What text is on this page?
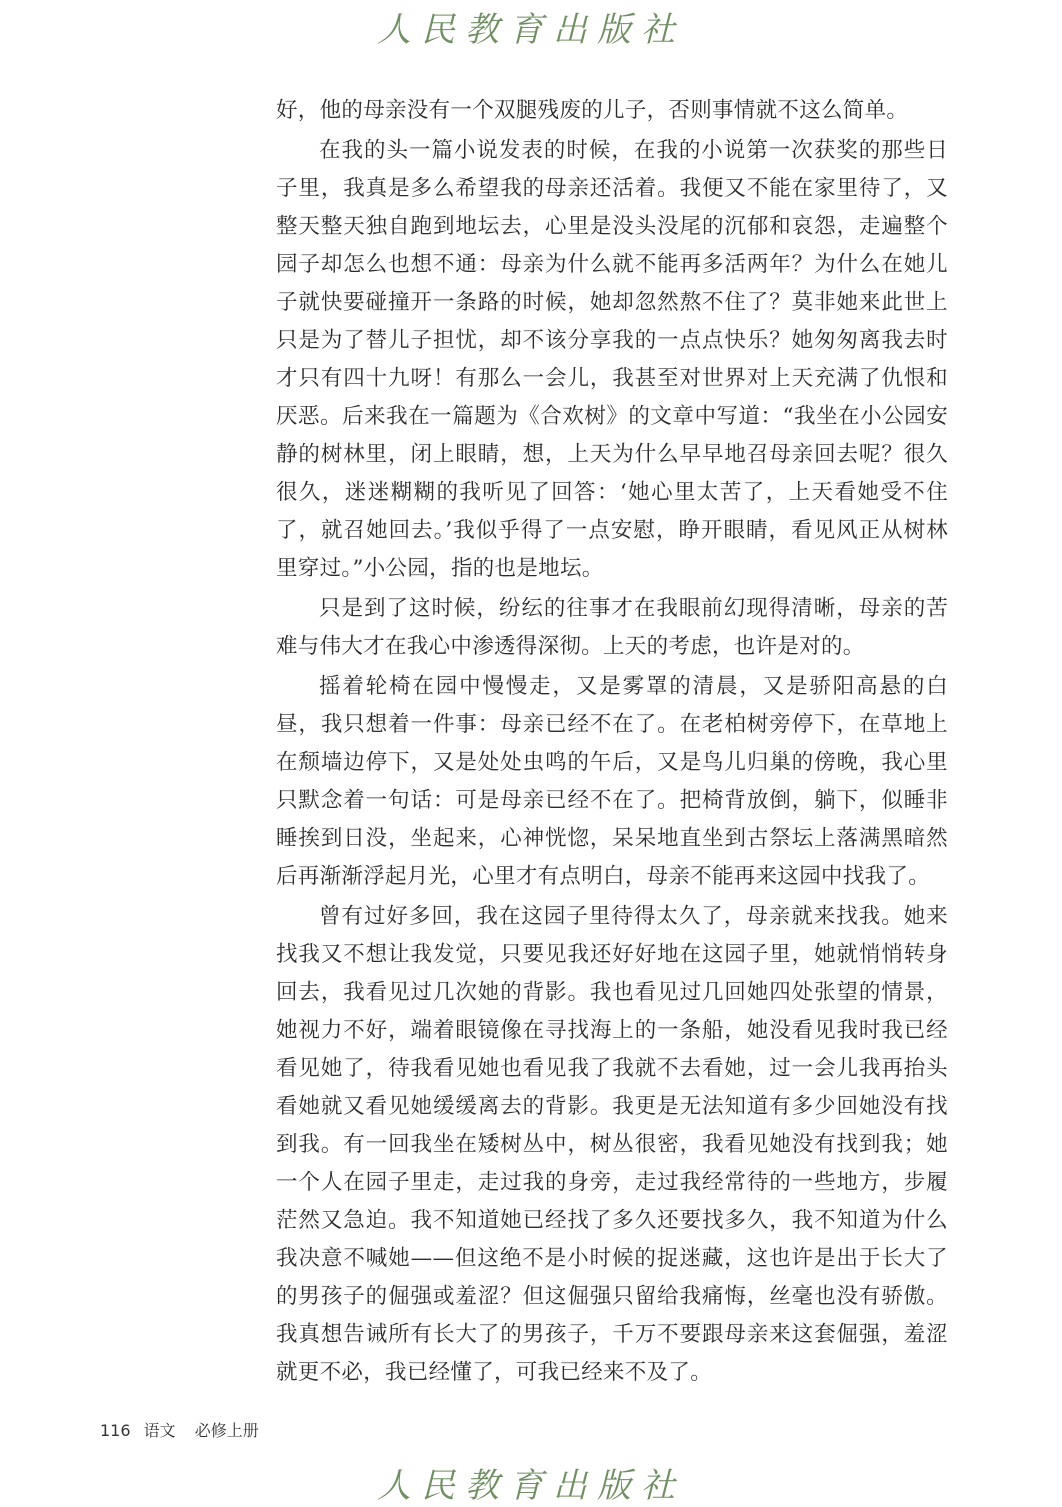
人民教育出版社

好，他的母亲没有一个双腿残废的儿子，否则事情就不这么简单。

在我的头一篇小说发表的时候，在我的小说第一次获奖的那些日子里，我真是多么希望我的母亲还活着。我便又不能在家里待了，又整天整天独自跑到地坛去，心里是没头没尾的沉郁和哀怨，走遍整个园子却怎么也想不通：母亲为什么就不能再多活两年？为什么在她儿子就快要碰撞开一条路的时候，她却忽然熬不住了？莫非她来此世上只是为了替儿子担忧，却不该分享我的一点点快乐？她匆匆离我去时才只有四十九呀！有那么一会儿，我甚至对世界对上天充满了仇恨和厌恶。后来我在一篇题为《合欢树》的文章中写道：“我坐在小公园安静的树林里，闭上眼睛，想，上天为什么早早地召母亲回去呢？很久很久，迷迷糊糊的我听见了回答：‘她心里太苦了，上天看她受不住了，就召她回去。’我似乎得了一点安慰，睁开眼睛，看见风正从树林里穿过。”小公园，指的也是地坛。

只是到了这时候，纷纭的往事才在我眼前幻现得清晰，母亲的苦难与伟大才在我心中渗透得深彻。上天的考虑，也许是对的。

摇着轮椅在园中慢慢走，又是雾罩的清晨，又是骄阳高悬的白昼，我只想着一件事：母亲已经不在了。在老柏树旁停下，在草地上在颓墙边停下，又是处处虫鸣的午后，又是鸟儿归巢的傍晚，我心里只默念着一句话：可是母亲已经不在了。把椅背放倒，躺下，似睡非睡挨到日没，坐起来，心神恍惚，呆呆地直坐到古祭坛上落满黑暗然后再渐渐浮起月光，心里才有点明白，母亲不能再来这园中找我了。

曾有过好多回，我在这园子里待得太久了，母亲就来找我。她来找我又不想让我发觉，只要见我还好好地在这园子里，她就悄悄转身回去，我看见过几次她的背影。我也看见过几回她四处张望的情景，她视力不好，端着眼镜像在寻找海上的一条船，她没看见我时我已经看见她了，待我看见她也看见我了我就不去看她，过一会儿我再抬头看她就又看见她缓缓离去的背影。我更是无法知道有多少回她没有找到我。有一回我坐在矮树丛中，树丛很密，我看见她没有找到我；她一个人在园子里走，走过我的身旁，走过我经常待的一些地方，步履茫然又急迫。我不知道她已经找了多久还要找多久，我不知道为什么我决意不喊她——但这绝不是小时候的捉迷藏，这也许是出于长大了的男孩子的倔强或羞涩？但这倔强只留给我痛悔，丝毫也没有骄傲。我真想告诫所有长大了的男孩子，千万不要跟母亲来这套倔强，羞涩就更不必，我已经懂了，可我已经来不及了。

116 语文 必修上册
人民教育出版社
